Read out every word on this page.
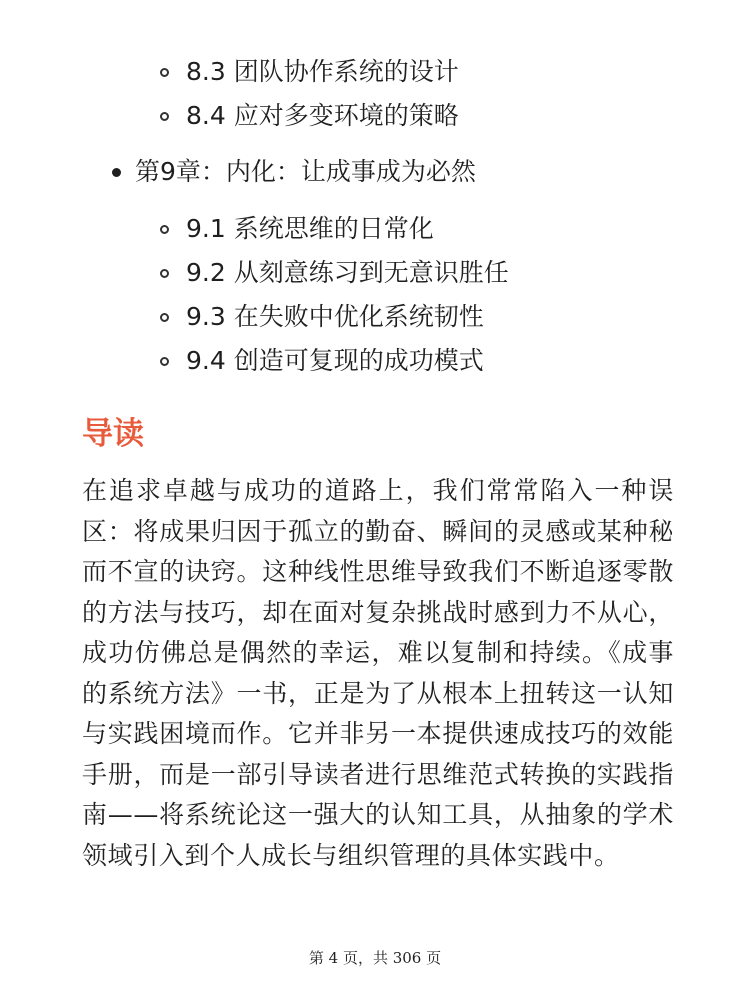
8.3 团队协作系统的设计
8.4 应对多变环境的策略
第9章：内化：让成事成为必然
9.1 系统思维的日常化
9.2 从刻意练习到无意识胜任
9.3 在失败中优化系统韧性
9.4 创造可复现的成功模式
导读

在追求卓越与成功的道路上，我们常常陷入一种误区：将成果归因于孤立的勤奋、瞬间的灵感或某种秘而不宣的诀窍。这种线性思维导致我们不断追逐零散的方法与技巧，却在面对复杂挑战时感到力不从心，成功仿佛总是偶然的幸运，难以复制和持续。《成事的系统方法》一书，正是为了从根本上扭转这一认知与实践困境而作。它并非另一本提供速成技巧的效能手册，而是一部引导读者进行思维范式转换的实践指南——将系统论这一强大的认知工具，从抽象的学术领域引入到个人成长与组织管理的具体实践中。

第 4 页，共 306 页
